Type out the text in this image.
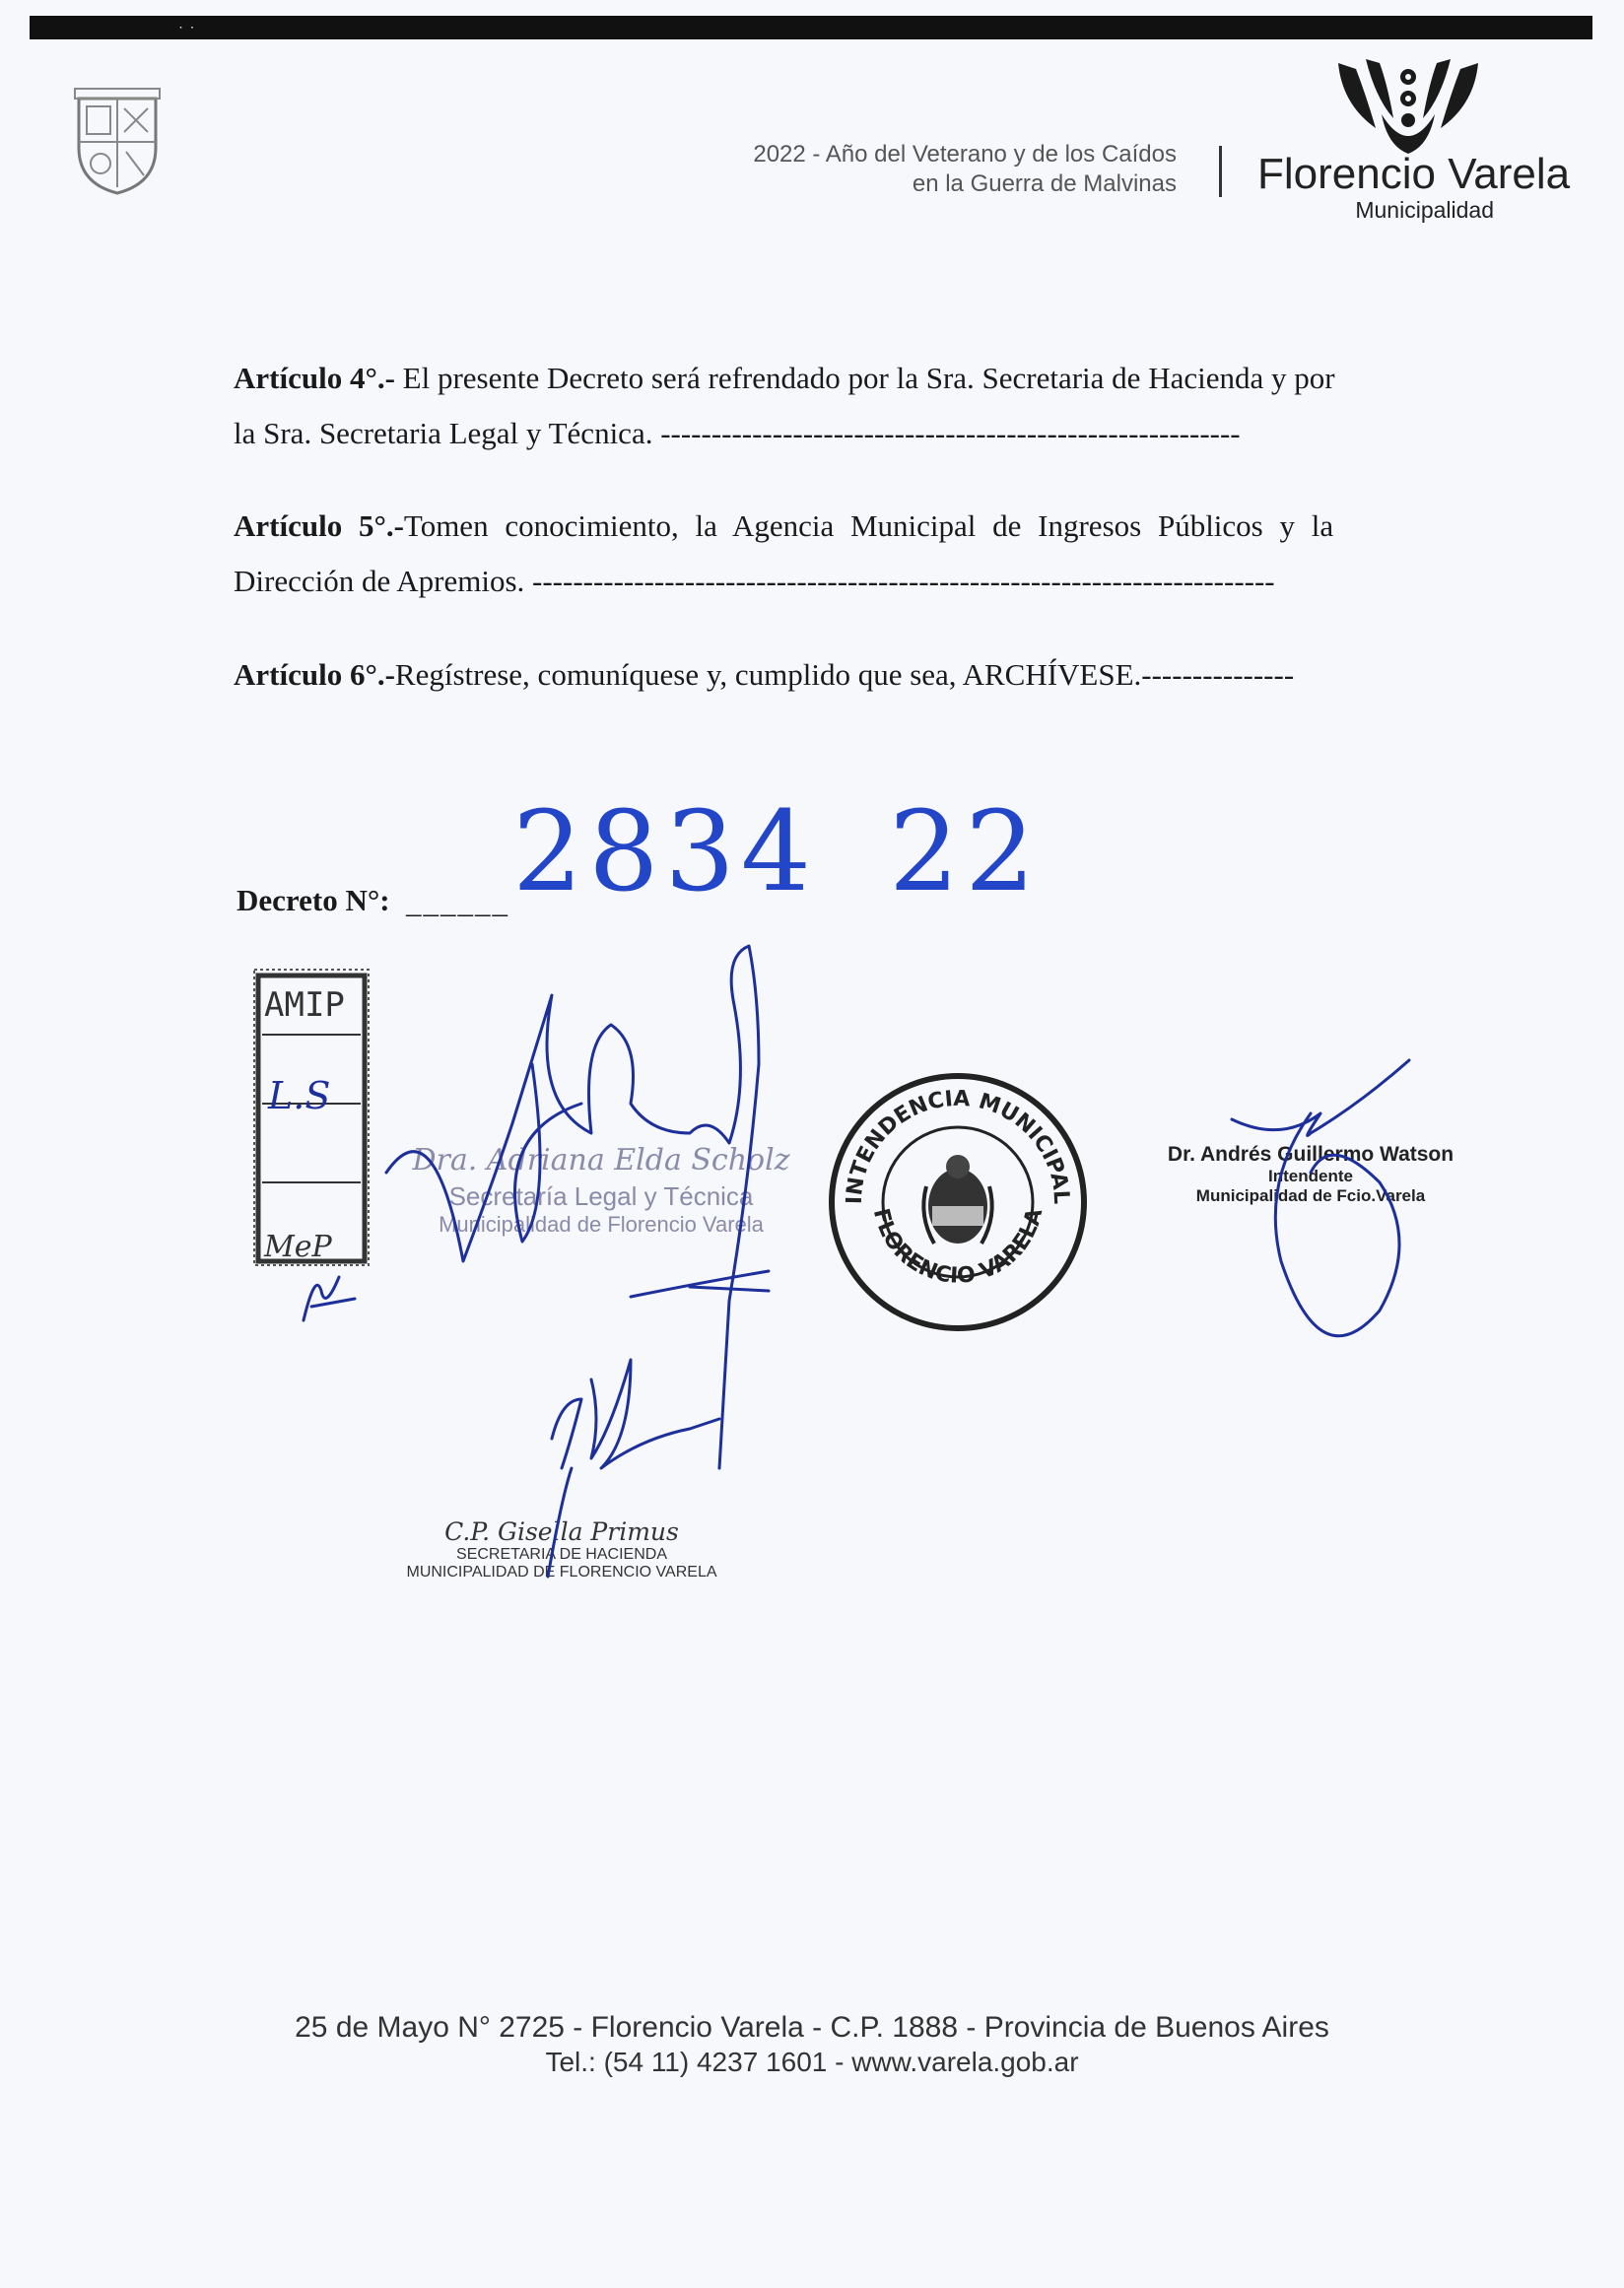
˙ ˙
2022 - Año del Veterano y de los Caídos
en la Guerra de Malvinas Florencio Varela
Municipalidad
Artículo 4°.- El presente Decreto será refrendado por la Sra. Secretaria de Hacienda y por
la Sra. Secretaria Legal y Técnica. ---------------------------------------------------------
Artículo 5°.-Tomen conocimiento, la Agencia Municipal de Ingresos Públicos y la
Dirección de Apremios. -------------------------------------------------------------------------
Artículo 6°.-Regístrese, comuníquese y, cumplido que sea, ARCHÍVESE.---------------
Decreto N°: ______ 2834 22
AMIP
L.S
MeP
Dra. Adriana Elda Scholz
Secretaría Legal y Técnica
Municipalidad de Florencio Varela
INTENDENCIA MUNICIPAL
FLORENCIO VARELA
Dr. Andrés Guillermo Watson
Intendente
Municipalidad de Fcio.Varela
C.P. Gisella Primus
SECRETARIA DE HACIENDA
MUNICIPALIDAD DE FLORENCIO VARELA
25 de Mayo N° 2725 - Florencio Varela - C.P. 1888 - Provincia de Buenos Aires
Tel.: (54 11) 4237 1601 - www.varela.gob.ar
